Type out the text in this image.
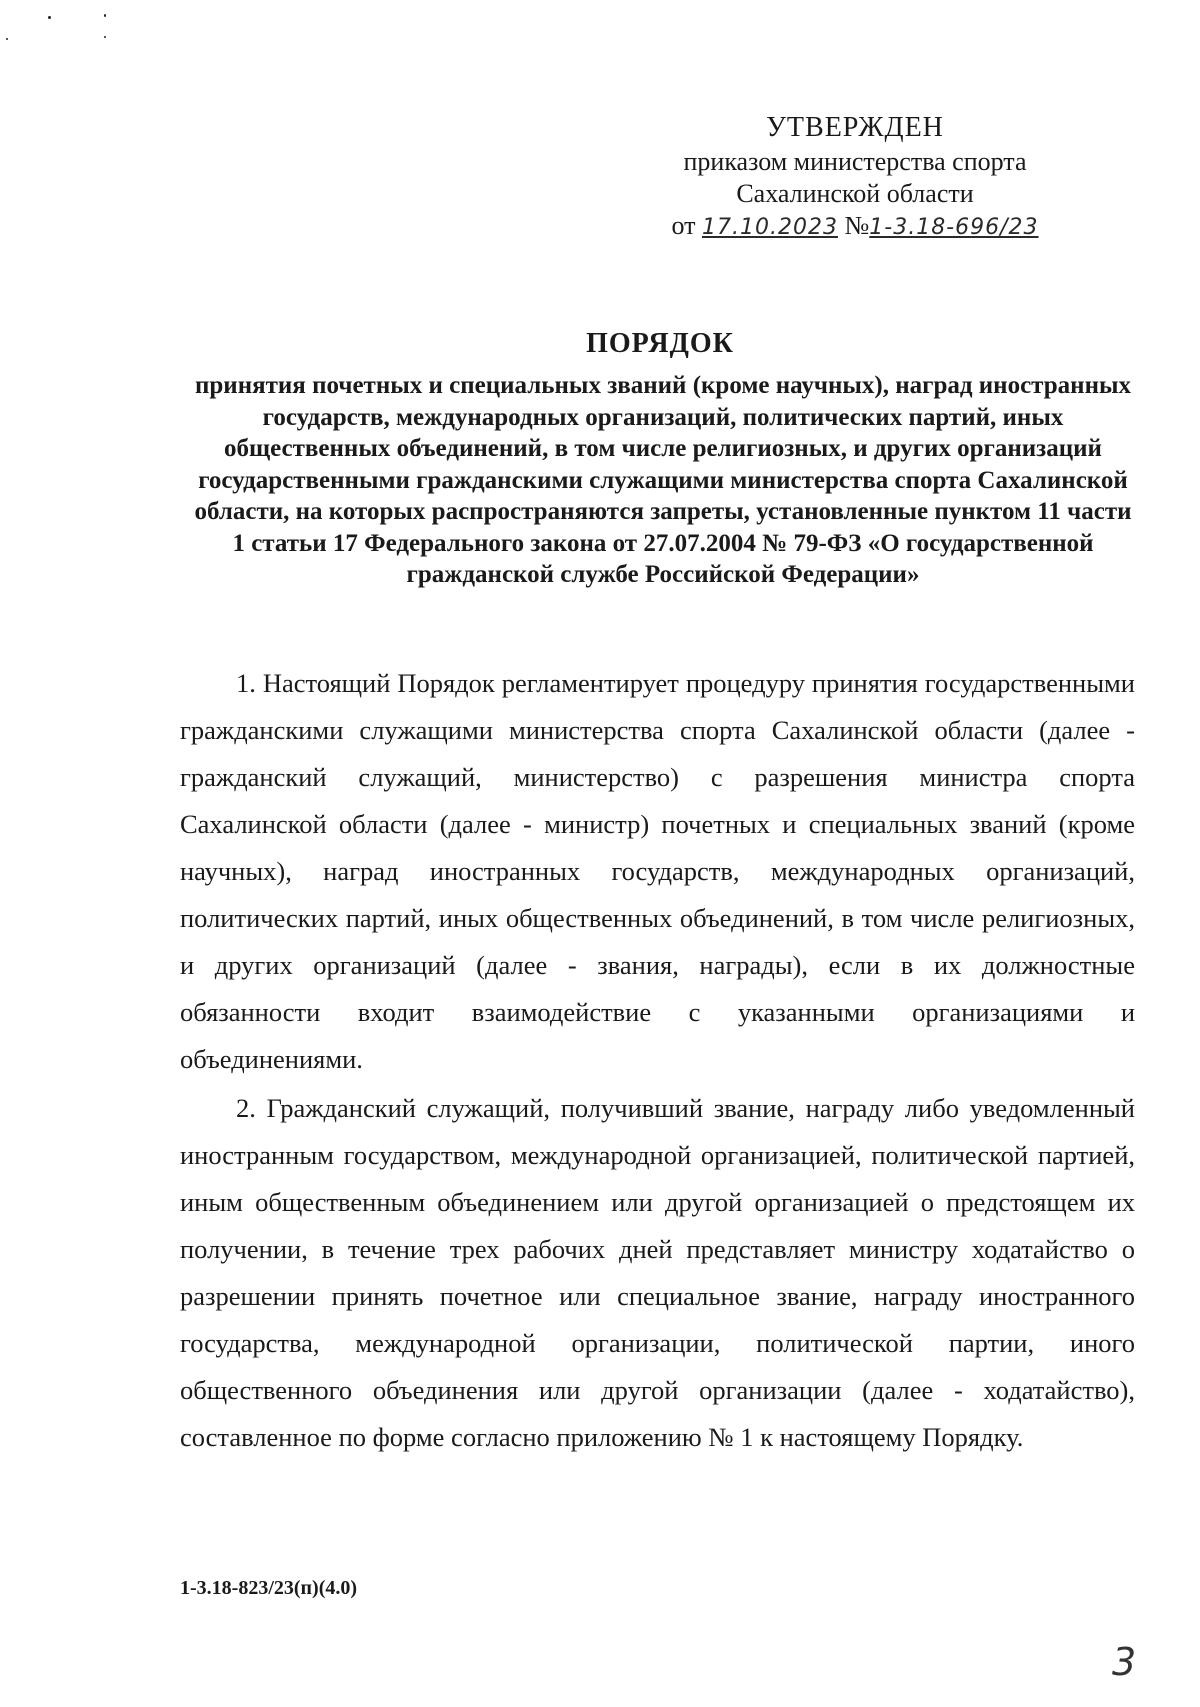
УТВЕРЖДЕН
приказом министерства спорта
Сахалинской области
от 17.10.2023 №1-3.18-696/23
ПОРЯДОК
принятия почетных и специальных званий (кроме научных), наград иностранных государств, международных организаций, политических партий, иных общественных объединений, в том числе религиозных, и других организаций государственными гражданскими служащими министерства спорта Сахалинской области, на которых распространяются запреты, установленные пунктом 11 части 1 статьи 17 Федерального закона от 27.07.2004 № 79-ФЗ «О государственной гражданской службе Российской Федерации»

1. Настоящий Порядок регламентирует процедуру принятия государственными гражданскими служащими министерства спорта Сахалинской области (далее - гражданский служащий, министерство) с разрешения министра спорта Сахалинской области (далее - министр) почетных и специальных званий (кроме научных), наград иностранных государств, международных организаций, политических партий, иных общественных объединений, в том числе религиозных, и других организаций (далее - звания, награды), если в их должностные обязанности входит взаимодействие с указанными организациями и объединениями.

2. Гражданский служащий, получивший звание, награду либо уведомленный иностранным государством, международной организацией, политической партией, иным общественным объединением или другой организацией о предстоящем их получении, в течение трех рабочих дней представляет министру ходатайство о разрешении принять почетное или специальное звание, награду иностранного государства, международной организации, политической партии, иного общественного объединения или другой организации (далее - ходатайство), составленное по форме согласно приложению № 1 к настоящему Порядку.

1-3.18-823/23(п)(4.0)
3
